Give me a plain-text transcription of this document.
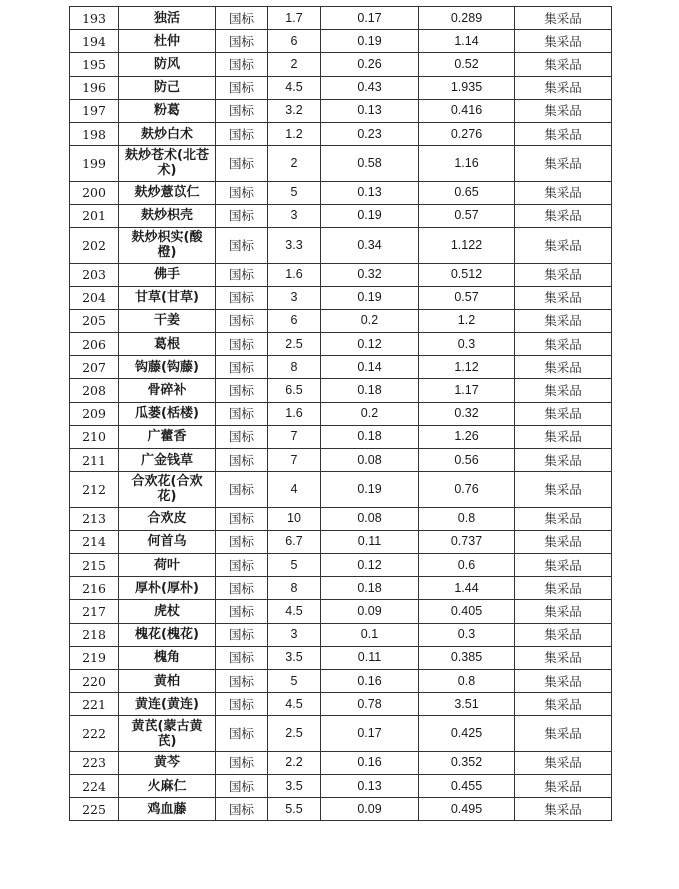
193	独活	国标	1.7	0.17	0.289	集采品
194	杜仲	国标	6	0.19	1.14	集采品
195	防风	国标	2	0.26	0.52	集采品
196	防己	国标	4.5	0.43	1.935	集采品
197	粉葛	国标	3.2	0.13	0.416	集采品
198	麸炒白术	国标	1.2	0.23	0.276	集采品
199	麸炒苍术(北苍术)	国标	2	0.58	1.16	集采品
200	麸炒薏苡仁	国标	5	0.13	0.65	集采品
201	麸炒枳壳	国标	3	0.19	0.57	集采品
202	麸炒枳实(酸橙)	国标	3.3	0.34	1.122	集采品
203	佛手	国标	1.6	0.32	0.512	集采品
204	甘草(甘草)	国标	3	0.19	0.57	集采品
205	干姜	国标	6	0.2	1.2	集采品
206	葛根	国标	2.5	0.12	0.3	集采品
207	钩藤(钩藤)	国标	8	0.14	1.12	集采品
208	骨碎补	国标	6.5	0.18	1.17	集采品
209	瓜蒌(栝楼)	国标	1.6	0.2	0.32	集采品
210	广藿香	国标	7	0.18	1.26	集采品
211	广金钱草	国标	7	0.08	0.56	集采品
212	合欢花(合欢花)	国标	4	0.19	0.76	集采品
213	合欢皮	国标	10	0.08	0.8	集采品
214	何首乌	国标	6.7	0.11	0.737	集采品
215	荷叶	国标	5	0.12	0.6	集采品
216	厚朴(厚朴)	国标	8	0.18	1.44	集采品
217	虎杖	国标	4.5	0.09	0.405	集采品
218	槐花(槐花)	国标	3	0.1	0.3	集采品
219	槐角	国标	3.5	0.11	0.385	集采品
220	黄柏	国标	5	0.16	0.8	集采品
221	黄连(黄连)	国标	4.5	0.78	3.51	集采品
222	黄芪(蒙古黄芪)	国标	2.5	0.17	0.425	集采品
223	黄芩	国标	2.2	0.16	0.352	集采品
224	火麻仁	国标	3.5	0.13	0.455	集采品
225	鸡血藤	国标	5.5	0.09	0.495	集采品
